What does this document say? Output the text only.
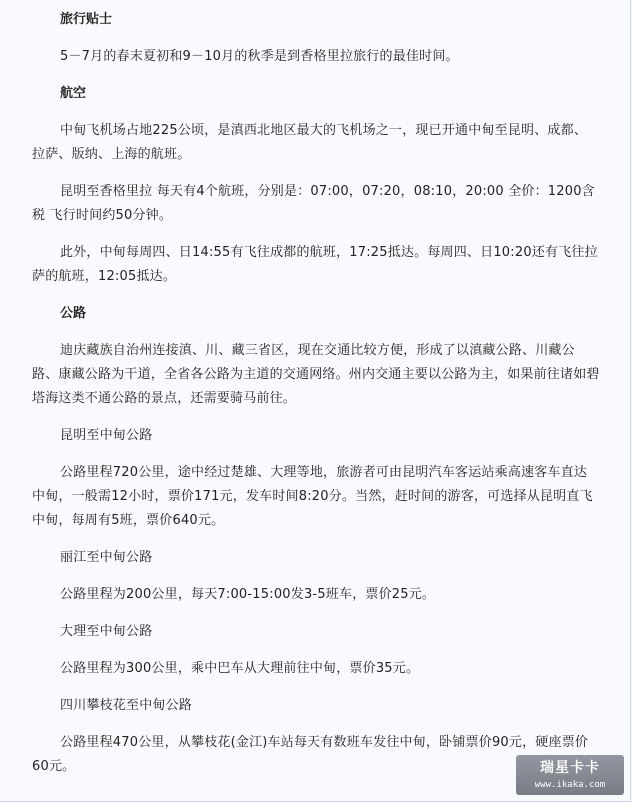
旅行贴士
5－7月的春末夏初和9－10月的秋季是到香格里拉旅行的最佳时间。
航空
中甸飞机场占地225公顷，是滇西北地区最大的飞机场之一，现已开通中甸至昆明、成都、拉萨、版纳、上海的航班。
昆明至香格里拉 每天有4个航班，分别是：07:00，07:20，08:10，20:00 全价：1200含税 飞行时间约50分钟。
此外，中甸每周四、日14:55有飞往成都的航班，17:25抵达。每周四、日10:20还有飞往拉萨的航班，12:05抵达。
公路
迪庆藏族自治州连接滇、川、藏三省区，现在交通比较方便，形成了以滇藏公路、川藏公路、康藏公路为干道，全省各公路为主道的交通网络。州内交通主要以公路为主，如果前往诸如碧塔海这类不通公路的景点，还需要骑马前往。
昆明至中甸公路
公路里程720公里，途中经过楚雄、大理等地，旅游者可由昆明汽车客运站乘高速客车直达中甸，一般需12小时，票价171元，发车时间8:20分。当然，赶时间的游客，可选择从昆明直飞中甸，每周有5班，票价640元。
丽江至中甸公路
公路里程为200公里，每天7:00-15:00发3-5班车，票价25元。
大理至中甸公路
公路里程为300公里，乘中巴车从大理前往中甸，票价35元。
四川攀枝花至中甸公路
公路里程470公里，从攀枝花(金江)车站每天有数班车发往中甸，卧铺票价90元，硬座票价60元。	瑞星卡卡
www.ikaka.com
